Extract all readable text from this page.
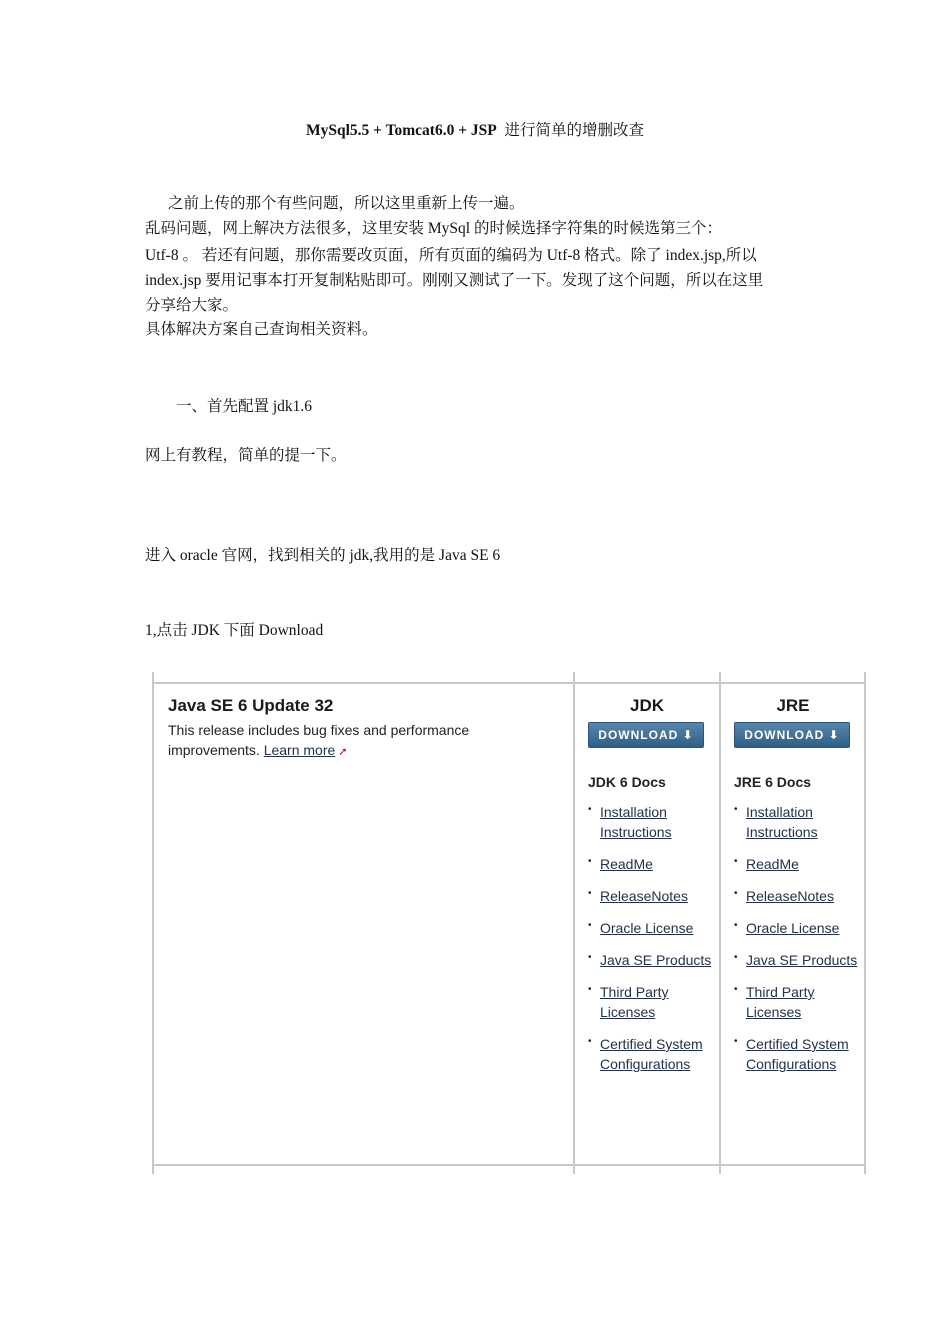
MySql5.5 + Tomcat6.0 + JSP 进行简单的增删改查
之前上传的那个有些问题，所以这里重新上传一遍。
乱码问题，网上解决方法很多，这里安装 MySql 的时候选择字符集的时候选第三个：
Utf-8 。 若还有问题，那你需要改页面，所有页面的编码为 Utf-8 格式。除了 index.jsp,所以
index.jsp 要用记事本打开复制粘贴即可。刚刚又测试了一下。发现了这个问题，所以在这里
分享给大家。
具体解决方案自己查询相关资料。
一、首先配置 jdk1.6
网上有教程，简单的提一下。
进入 oracle 官网，找到相关的 jdk,我用的是 Java SE 6
1,点击 JDK 下面 Download
Java SE 6 Update 32
This release includes bug fixes and performance improvements. Learn more ➚
JDK
DOWNLOAD
⬇
JDK 6 Docs
• Installation Instructions
• ReadMe
• ReleaseNotes
• Oracle License
• Java SE Products
• Third Party Licenses
• Certified System Configurations
JRE
DOWNLOAD
⬇
JRE 6 Docs
• Installation Instructions
• ReadMe
• ReleaseNotes
• Oracle License
• Java SE Products
• Third Party Licenses
• Certified System Configurations
